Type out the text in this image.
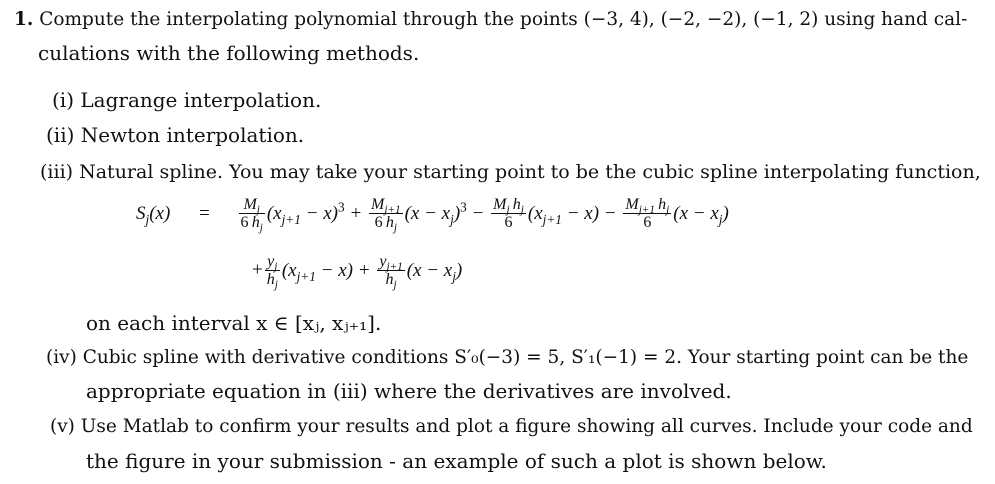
1. Compute the interpolating polynomial through the points (−3, 4), (−2, −2), (−1, 2) using hand cal-
culations with the following methods.
(i) Lagrange interpolation.
(ii) Newton interpolation.
(iii) Natural spline. You may take your starting point to be the cubic spline interpolating function,
$S_j(x) = \frac{M_j}{6 h_j} (x_{j+1} - x)^3 + \frac{M_{j+1}}{6 h_j} (x - x_j)^3 - \frac{M_j h_j}{6} (x_{j+1} - x) - \frac{M_{j+1} h_j}{6} (x - x_j)$
+ $\frac{y_j}{h_j} (x_{j+1} - x) + \frac{y_{j+1}}{h_j} (x - x_j)$
on each interval x ∈ [xⱼ, xⱼ₊₁].
(iv) Cubic spline with derivative conditions S′₀(−3) = 5, S′₁(−1) = 2. Your starting point can be the
appropriate equation in (iii) where the derivatives are involved.
(v) Use Matlab to confirm your results and plot a figure showing all curves. Include your code and
the figure in your submission - an example of such a plot is shown below.
